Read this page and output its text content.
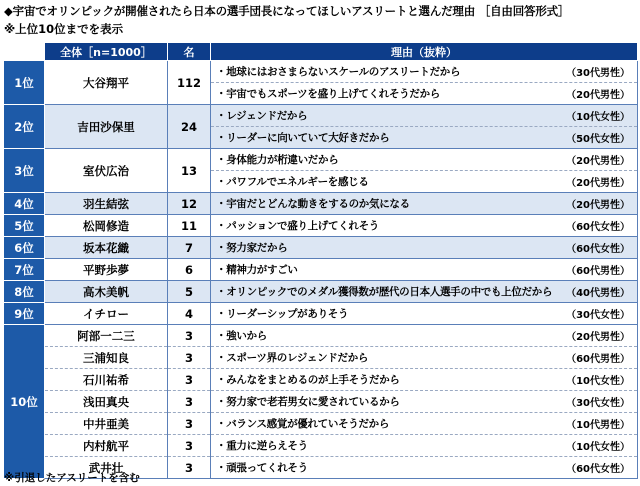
◆宇宙でオリンピックが開催されたら日本の選手団長になってほしいアスリートと選んだ理由 ［自由回答形式］
※上位10位までを表示
	全体［n=1000］	名	理由（抜粋）
1位	大谷翔平	112	・地球にはおさまらないスケールのアスリートだから （30代男性）
・宇宙でもスポーツを盛り上げてくれそうだから （20代男性）

2位	吉田沙保里	24	・レジェンドだから （10代女性）
・リーダーに向いていて大好きだから （50代女性）

3位	室伏広治	13	・身体能力が桁違いだから （20代男性）
・パワフルでエネルギーを感じる （20代男性）

4位	羽生結弦	12	・宇宙だとどんな動きをするのか気になる （20代男性）

5位	松岡修造	11	・パッションで盛り上げてくれそう （60代女性）

6位	坂本花織	7	・努力家だから （60代女性）

7位	平野歩夢	6	・精神力がすごい （60代男性）

8位	高木美帆	5	・オリンピックでのメダル獲得数が歴代の日本人選手の中でも上位だから （40代男性）

9位	イチロー	4	・リーダーシップがありそう （30代女性）

10位	阿部一二三	3	・強いから （20代男性）

	三浦知良	3	・スポーツ界のレジェンドだから （60代男性）

	石川祐希	3	・みんなをまとめるのが上手そうだから （10代女性）

	浅田真央	3	・努力家で老若男女に愛されているから （30代女性）

	中井亜美	3	・バランス感覚が優れていそうだから （10代男性）

	内村航平	3	・重力に逆らえそう （10代女性）

	武井壮	3	・頑張ってくれそう （60代女性）
※引退したアスリートを含む
